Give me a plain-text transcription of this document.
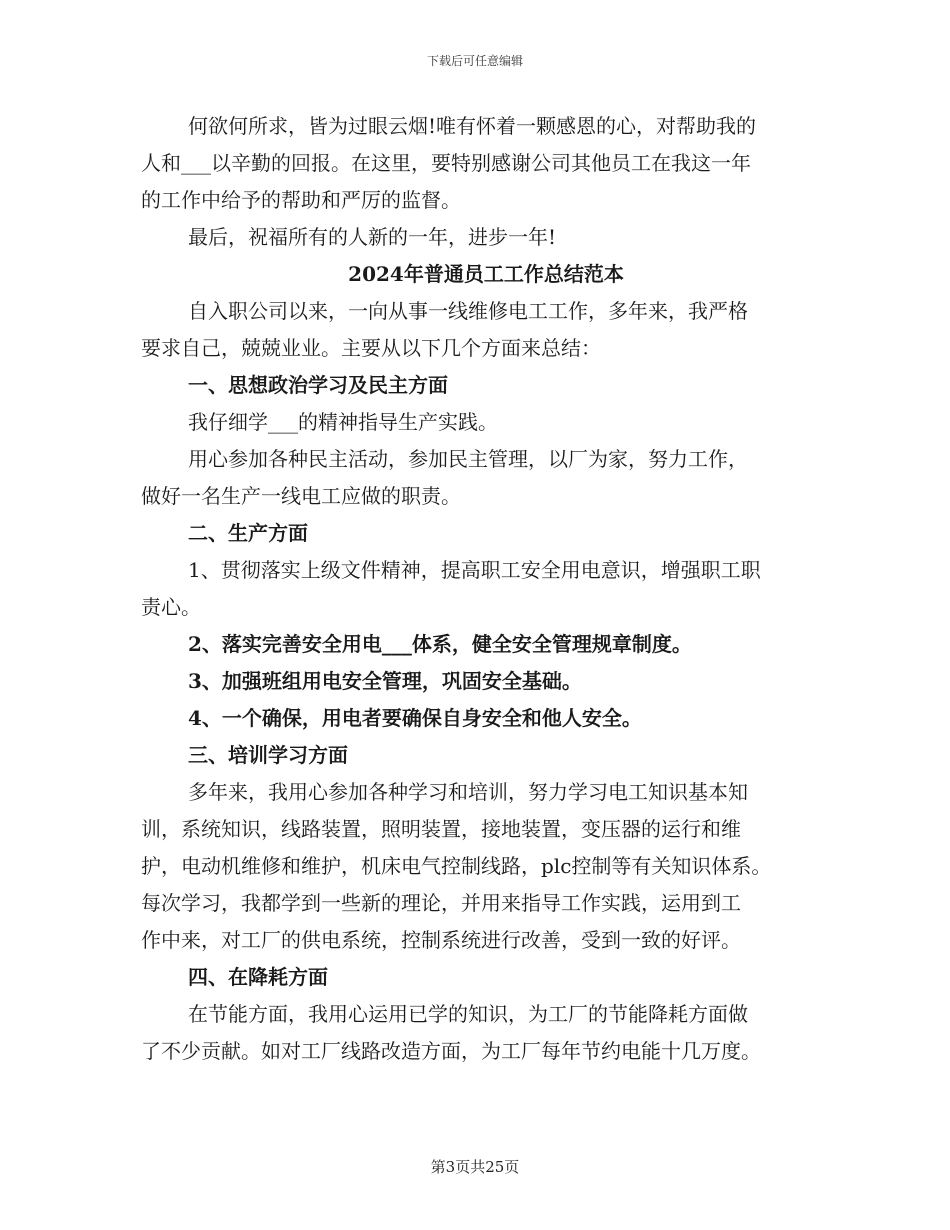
下载后可任意编辑
何欲何所求，皆为过眼云烟!唯有怀着一颗感恩的心，对帮助我的
人和___以辛勤的回报。在这里，要特别感谢公司其他员工在我这一年
的工作中给予的帮助和严厉的监督。
最后，祝福所有的人新的一年，进步一年!
2024年普通员工工作总结范本
自入职公司以来，一向从事一线维修电工工作，多年来，我严格
要求自己，兢兢业业。主要从以下几个方面来总结：
一、思想政治学习及民主方面
我仔细学___的精神指导生产实践。
用心参加各种民主活动，参加民主管理，以厂为家，努力工作，
做好一名生产一线电工应做的职责。
二、生产方面
1、贯彻落实上级文件精神，提高职工安全用电意识，增强职工职
责心。
2、落实完善安全用电___体系，健全安全管理规章制度。
3、加强班组用电安全管理，巩固安全基础。
4、一个确保，用电者要确保自身安全和他人安全。
三、培训学习方面
多年来，我用心参加各种学习和培训，努力学习电工知识基本知
训，系统知识，线路装置，照明装置，接地装置，变压器的运行和维
护，电动机维修和维护，机床电气控制线路，plc控制等有关知识体系。
每次学习，我都学到一些新的理论，并用来指导工作实践，运用到工
作中来，对工厂的供电系统，控制系统进行改善，受到一致的好评。
四、在降耗方面
在节能方面，我用心运用已学的知识，为工厂的节能降耗方面做
了不少贡献。如对工厂线路改造方面，为工厂每年节约电能十几万度。
第3页共25页
